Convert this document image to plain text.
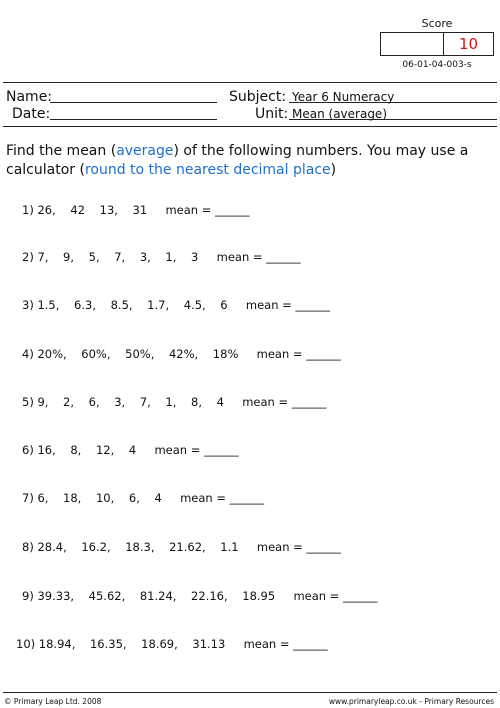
Score
10
06-01-04-003-s
Name:	Subject: Year 6 Numeracy
Date:	Unit: Mean (average)
Find the mean (average) of the following numbers. You may use a calculator (round to the nearest decimal place)
1) 26,    42    13,    31     mean = ______
2) 7,    9,    5,    7,    3,    1,    3     mean = ______
3) 1.5,    6.3,    8.5,    1.7,    4.5,    6     mean = ______
4) 20%,    60%,    50%,    42%,    18%     mean = ______
5) 9,    2,    6,    3,    7,    1,    8,    4     mean = ______
6) 16,    8,    12,    4     mean = ______
7) 6,    18,    10,    6,    4     mean = ______
8) 28.4,    16.2,    18.3,    21.62,    1.1     mean = ______
9) 39.33,    45.62,    81.24,    22.16,    18.95     mean = ______
10) 18.94,    16.35,    18.69,    31.13     mean = ______
© Primary Leap Ltd. 2008	www.primaryleap.co.uk - Primary Resources
